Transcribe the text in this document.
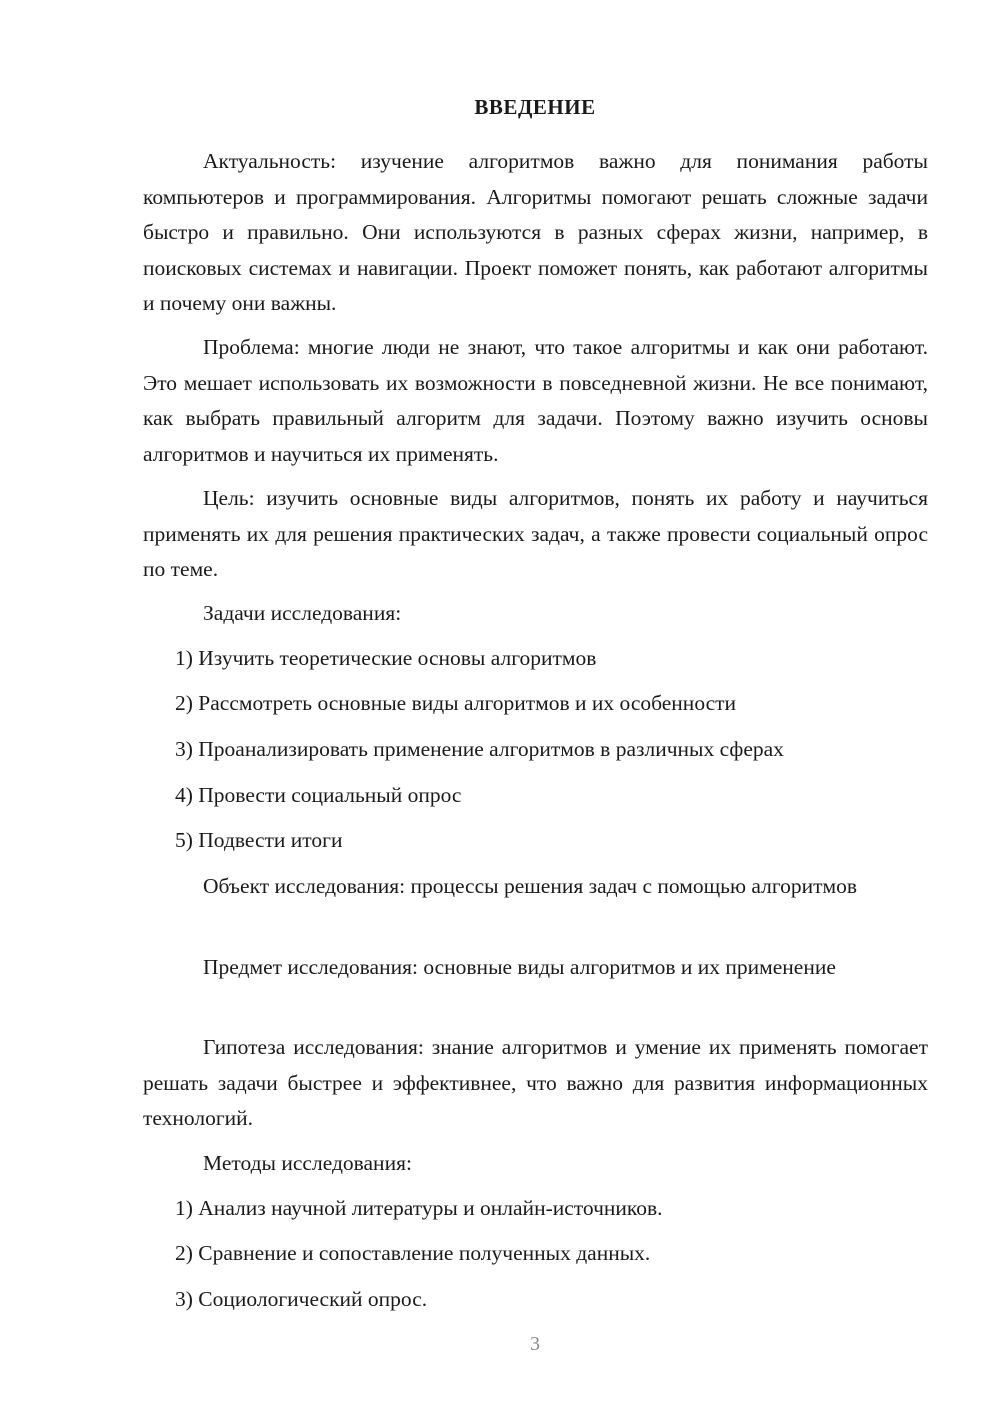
ВВЕДЕНИЕ

Актуальность: изучение алгоритмов важно для понимания работы компьютеров и программирования. Алгоритмы помогают решать сложные задачи быстро и правильно. Они используются в разных сферах жизни, например, в поисковых системах и навигации. Проект поможет понять, как работают алгоритмы и почему они важны.

Проблема: многие люди не знают, что такое алгоритмы и как они работают. Это мешает использовать их возможности в повседневной жизни. Не все понимают, как выбрать правильный алгоритм для задачи. Поэтому важно изучить основы алгоритмов и научиться их применять.

Цель: изучить основные виды алгоритмов, понять их работу и научиться применять их для решения практических задач, а также провести социальный опрос по теме.

Задачи исследования:

1) Изучить теоретические основы алгоритмов

2) Рассмотреть основные виды алгоритмов и их особенности

3) Проанализировать применение алгоритмов в различных сферах

4) Провести социальный опрос

5) Подвести итоги

Объект исследования: процессы решения задач с помощью алгоритмов

Предмет исследования: основные виды алгоритмов и их применение

Гипотеза исследования: знание алгоритмов и умение их применять помогает решать задачи быстрее и эффективнее, что важно для развития информационных технологий.

Методы исследования:

1) Анализ научной литературы и онлайн-источников.

2) Сравнение и сопоставление полученных данных.

3) Социологический опрос.

3
